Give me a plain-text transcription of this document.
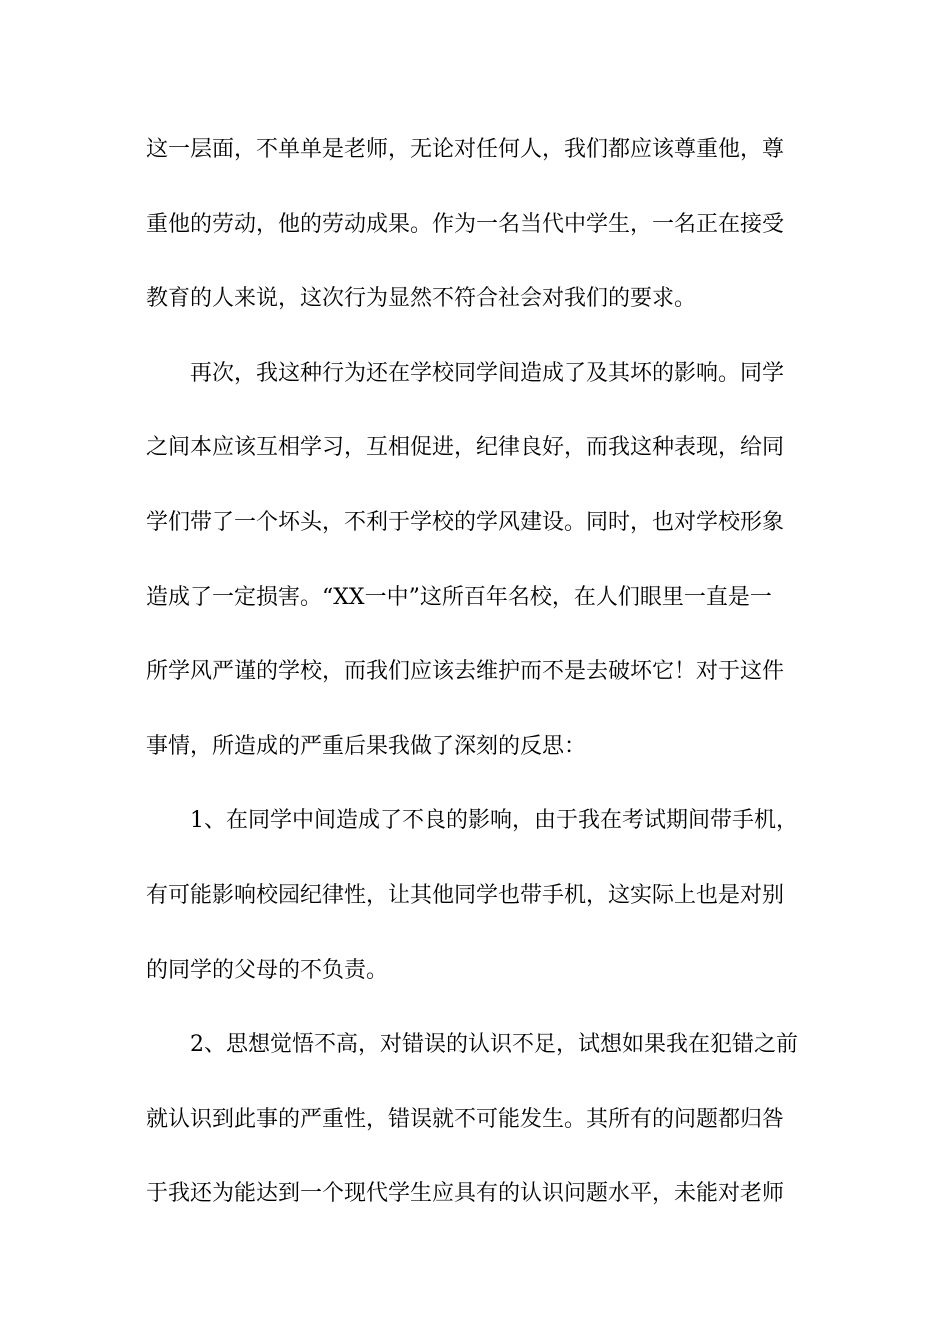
这一层面，不单单是老师，无论对任何人，我们都应该尊重他，尊
重他的劳动，他的劳动成果。作为一名当代中学生，一名正在接受
教育的人来说，这次行为显然不符合社会对我们的要求。
再次，我这种行为还在学校同学间造成了及其坏的影响。同学
之间本应该互相学习，互相促进，纪律良好，而我这种表现，给同
学们带了一个坏头，不利于学校的学风建设。同时，也对学校形象
造成了一定损害。“XX一中”这所百年名校，在人们眼里一直是一
所学风严谨的学校，而我们应该去维护而不是去破坏它！对于这件
事情，所造成的严重后果我做了深刻的反思：
1、在同学中间造成了不良的影响，由于我在考试期间带手机，
有可能影响校园纪律性，让其他同学也带手机，这实际上也是对别
的同学的父母的不负责。
2、思想觉悟不高，对错误的认识不足，试想如果我在犯错之前
就认识到此事的严重性，错误就不可能发生。其所有的问题都归咎
于我还为能达到一个现代学生应具有的认识问题水平，未能对老师
